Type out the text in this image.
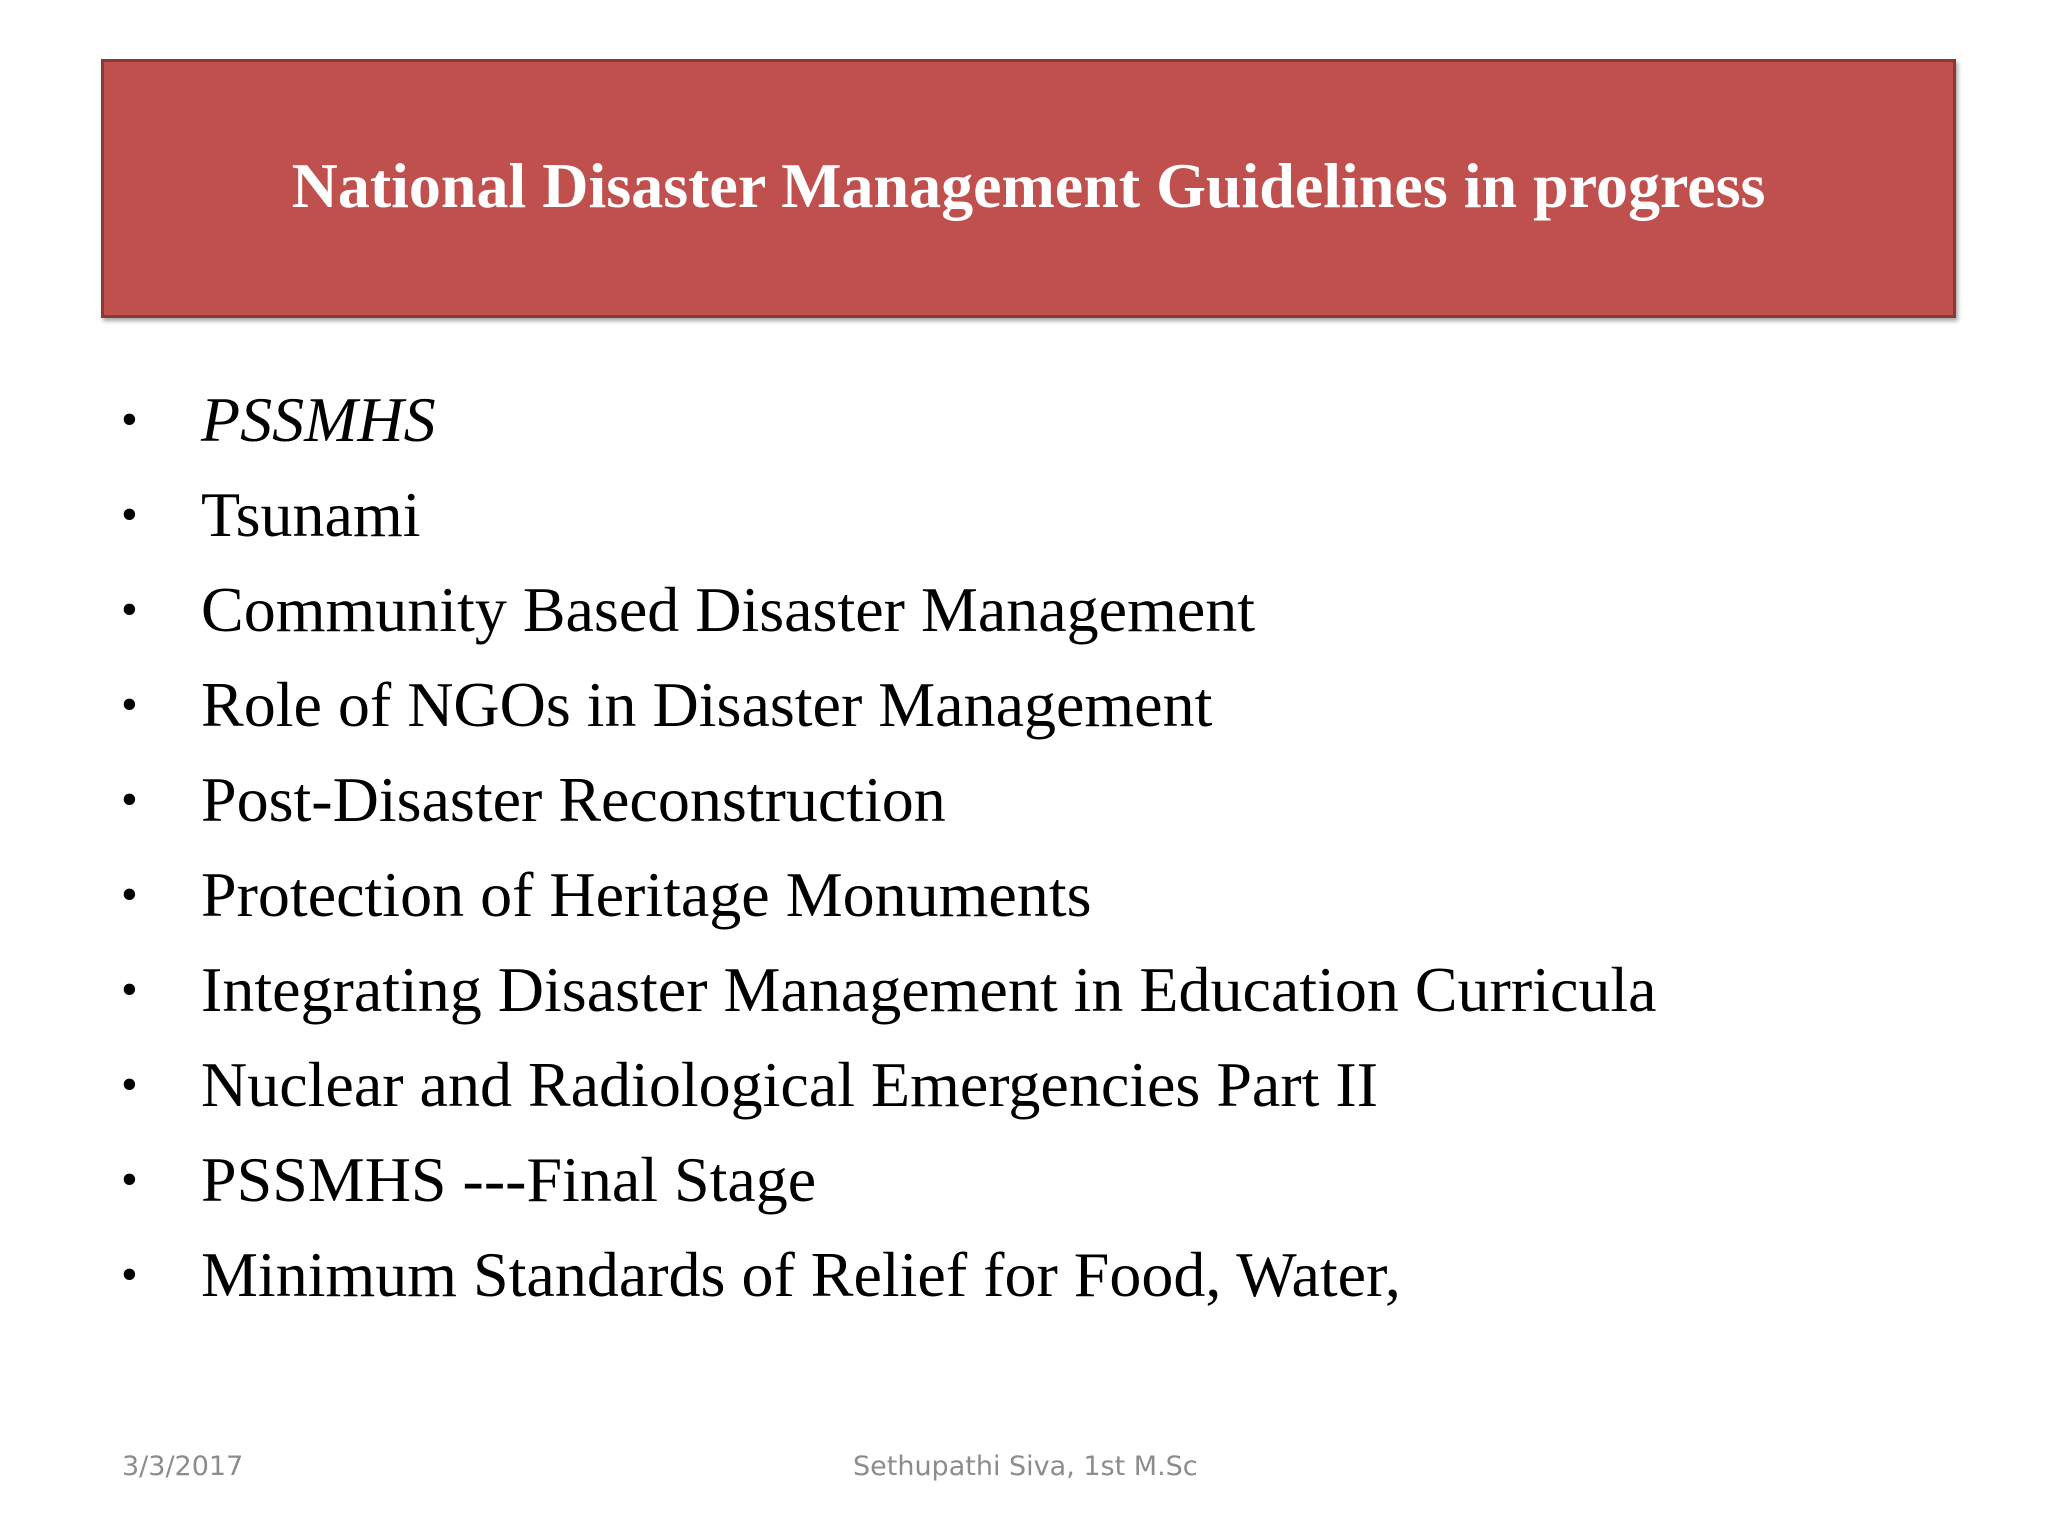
National Disaster Management Guidelines in progress
• PSSMHS
• Tsunami
• Community Based Disaster Management
• Role of NGOs in Disaster Management
• Post-Disaster Reconstruction
• Protection of Heritage Monuments
• Integrating Disaster Management in Education Curricula
• Nuclear and Radiological Emergencies Part II
• PSSMHS ---Final Stage
• Minimum Standards of Relief for Food, Water,
3/3/2017	Sethupathi Siva, 1st M.Sc
